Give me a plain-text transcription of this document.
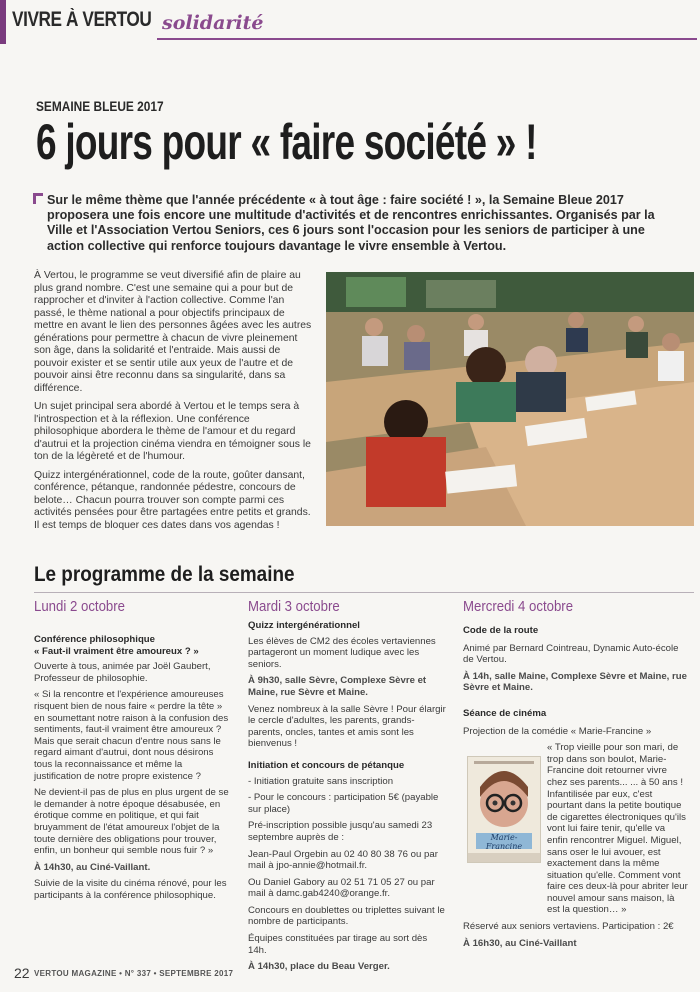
VIVRE À VERTOU solidarité
SEMAINE BLEUE 2017
6 jours pour « faire société » !

Sur le même thème que l'année précédente « à tout âge : faire société ! », la Semaine Bleue 2017 proposera une fois encore une multitude d'activités et de rencontres enrichissantes. Organisés par la Ville et l'Association Vertou Seniors, ces 6 jours sont l'occasion pour les seniors de participer à une action collective qui renforce toujours davantage le vivre ensemble à Vertou.

À Vertou, le programme se veut diversifié afin de plaire au plus grand nombre. C'est une semaine qui a pour but de rapprocher et d'inviter à l'action collective. Comme l'an passé, le thème national a pour objectifs principaux de mettre en avant le lien des personnes âgées avec les autres générations pour permettre à chacun de vivre pleinement son âge, dans la solidarité et l'entraide. Mais aussi de pouvoir exister et se sentir utile aux yeux de l'autre et de pouvoir ainsi être reconnu dans sa singularité, dans sa différence.

Un sujet principal sera abordé à Vertou et le temps sera à l'introspection et à la réflexion. Une conférence philosophique abordera le thème de l'amour et du regard d'autrui et la projection cinéma viendra en témoigner sous le ton de la légèreté et de l'humour.

Quizz intergénérationnel, code de la route, goûter dansant, conférence, pétanque, randonnée pédestre, concours de belote… Chacun pourra trouver son compte parmi ces activités pensées pour être partagées entre petits et grands. Il est temps de bloquer ces dates dans vos agendas !

Le programme de la semaine
Lundi 2 octobre	Mardi 3 octobre	Mercredi 4 octobre
Conférence philosophique
« Faut-il vraiment être amoureux ? »

Ouverte à tous, animée par Joël Gaubert, Professeur de philosophie.

« Si la rencontre et l'expérience amoureuses risquent bien de nous faire « perdre la tête » en soumettant notre raison à la confusion des sentiments, faut-il vraiment être amoureux ? Mais que serait chacun d'entre nous sans le regard aimant d'autrui, dont nous désirons tous la reconnaissance et même la justification de notre propre existence ?

Ne devient-il pas de plus en plus urgent de se le demander à notre époque désabusée, en érotique comme en politique, et qui fait bruyamment de l'état amoureux l'objet de la toute dernière des obligations pour trouver, enfin, un bonheur qui semble nous fuir ? »

À 14h30, au Ciné-Vaillant.

Suivie de la visite du cinéma rénové, pour les participants à la conférence philosophique.

Quizz intergénérationnel

Les élèves de CM2 des écoles vertaviennes partageront un moment ludique avec les seniors.

À 9h30, salle Sèvre, Complexe Sèvre et Maine, rue Sèvre et Maine.

Venez nombreux à la salle Sèvre ! Pour élargir le cercle d'adultes, les parents, grands-parents, oncles, tantes et amis sont les bienvenus !

Initiation et concours de pétanque

- Initiation gratuite sans inscription

- Pour le concours : participation 5€ (payable sur place)

Pré-inscription possible jusqu'au samedi 23 septembre auprès de :

Jean-Paul Orgebin au 02 40 80 38 76 ou par mail à jpo-annie@hotmail.fr.

Ou Daniel Gabory au 02 51 71 05 27 ou par mail à damc.gab4240@orange.fr.

Concours en doublettes ou triplettes suivant le nombre de participants.

Équipes constituées par tirage au sort dès 14h.

À 14h30, place du Beau Verger.

Code de la route

Animé par Bernard Cointreau, Dynamic Auto-école de Vertou.

À 14h, salle Maine, Complexe Sèvre et Maine, rue Sèvre et Maine.

Séance de cinéma

Projection de la comédie « Marie-Francine »

« Trop vieille pour son mari, de trop dans son boulot, Marie-Francine doit retourner vivre chez ses parents... ... à 50 ans ! Infantilisée par eux, c'est pourtant dans la petite boutique de cigarettes électroniques qu'ils vont lui faire tenir, qu'elle va enfin rencontrer Miguel. Miguel, sans oser le lui avouer, est exactement dans la même situation qu'elle. Comment vont faire ces deux-là pour abriter leur nouvel amour sans maison, là est la question… »

Réservé aux seniors vertaviens. Participation : 2€

À 16h30, au Ciné-Vaillant

Marie-Francine
22 VERTOU MAGAZINE • N° 337 • SEPTEMBRE 2017
